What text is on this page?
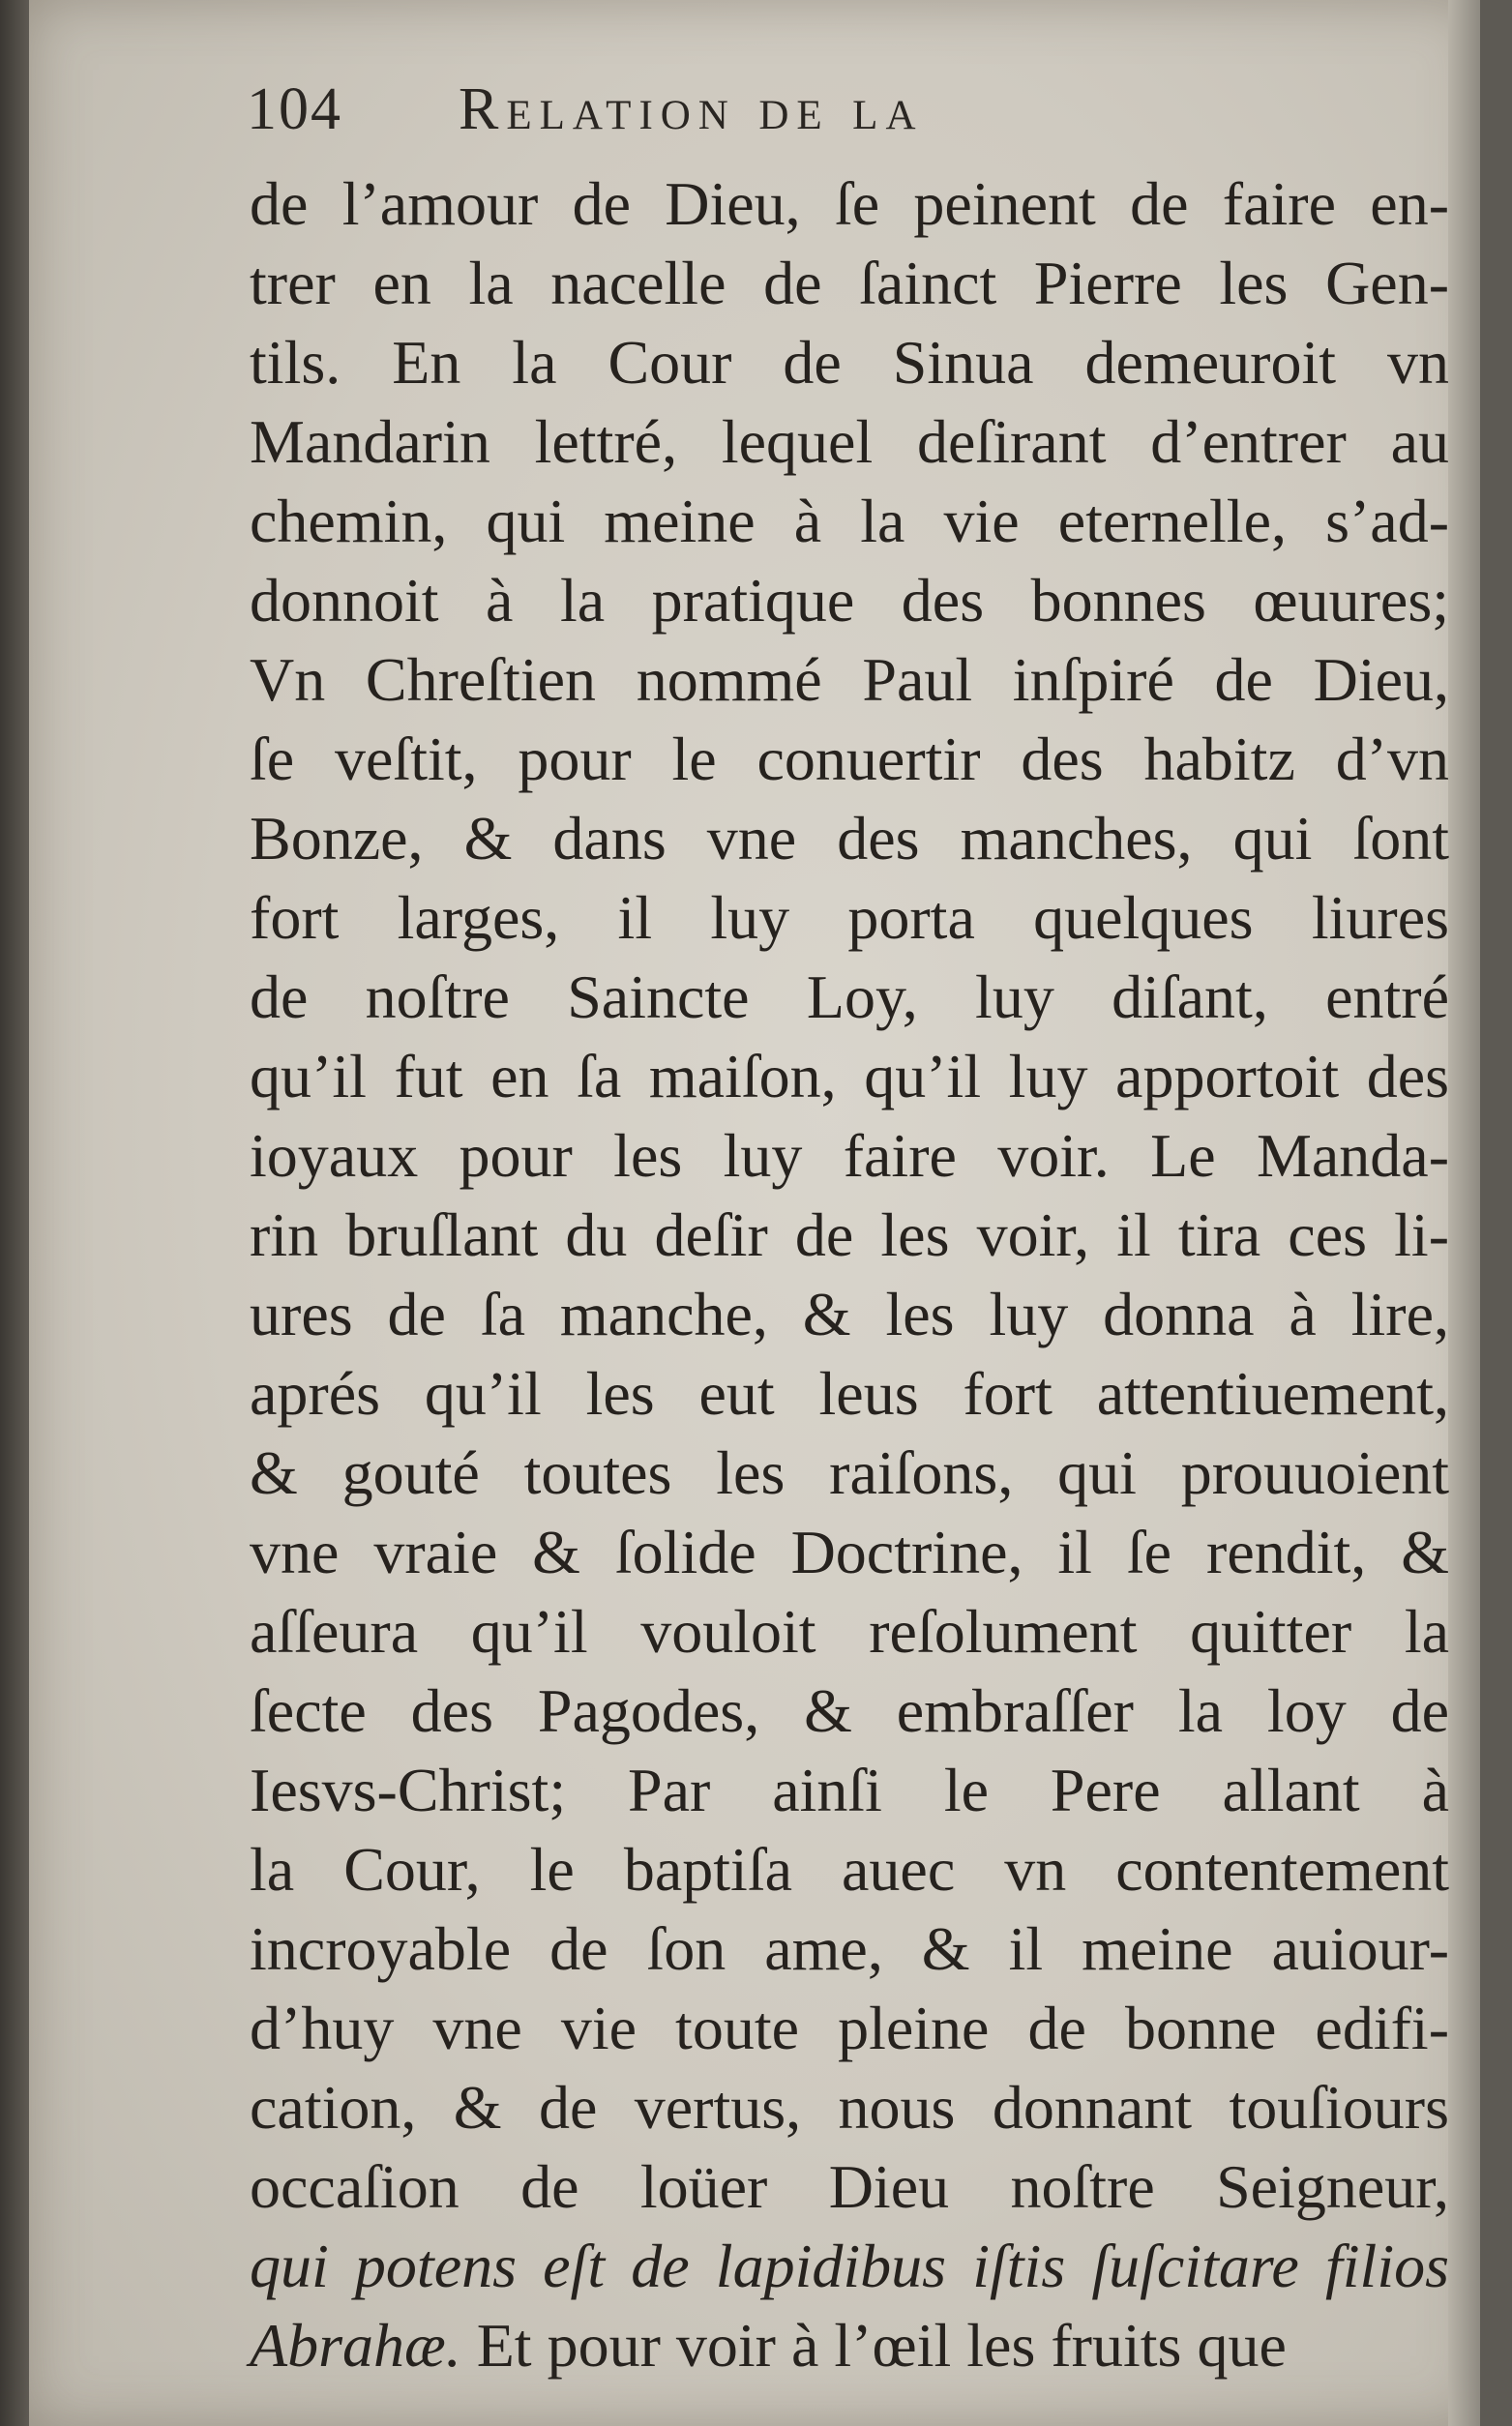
104 Relation de la
de l’amour de Dieu, ſe peinent de faire en-
trer en la nacelle de ſainct Pierre les Gen-
tils. En la Cour de Sinua demeuroit vn
Mandarin lettré, lequel deſirant d’entrer au
chemin, qui meine à la vie eternelle, s’ad-
donnoit à la pratique des bonnes œuures;
Vn Chreſtien nommé Paul inſpiré de Dieu,
ſe veſtit, pour le conuertir des habitz d’vn
Bonze, & dans vne des manches, qui ſont
fort larges, il luy porta quelques liures
de noſtre Saincte Loy, luy diſant, entré
qu’il fut en ſa maiſon, qu’il luy apportoit des
ioyaux pour les luy faire voir. Le Manda-
rin bruſlant du deſir de les voir, il tira ces li-
ures de ſa manche, & les luy donna à lire,
aprés qu’il les eut leus fort attentiuement,
& gouté toutes les raiſons, qui prouuoient
vne vraie & ſolide Doctrine, il ſe rendit, &
aſſeura qu’il vouloit reſolument quitter la
ſecte des Pagodes, & embraſſer la loy de
Iesvs-Christ; Par ainſi le Pere allant à
la Cour, le baptiſa auec vn contentement
incroyable de ſon ame, & il meine auiour-
d’huy vne vie toute pleine de bonne edifi-
cation, & de vertus, nous donnant touſiours
occaſion de loüer Dieu noſtre Seigneur,
qui potens eſt de lapidibus iſtis ſuſcitare filios
Abrahæ. Et pour voir à l’œil les fruits que
